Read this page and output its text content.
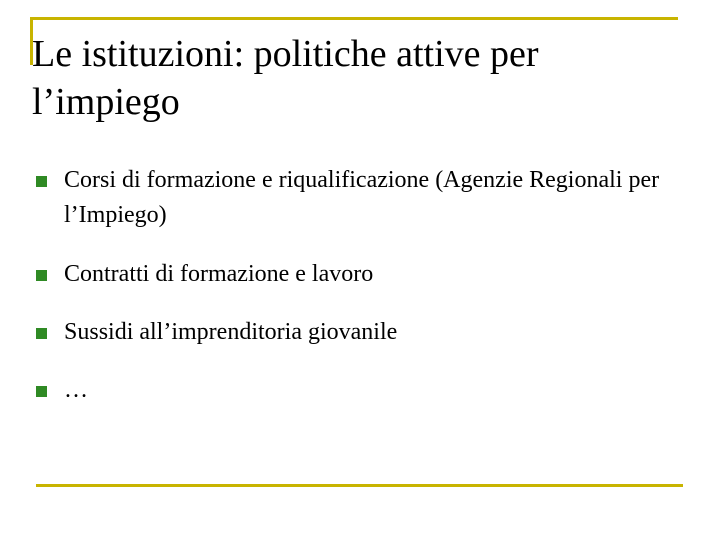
Le istituzioni: politiche attive per l’impiego
Corsi di formazione e riqualificazione (Agenzie Regionali per l’Impiego)
Contratti di formazione e lavoro
Sussidi all’imprenditoria giovanile
…
